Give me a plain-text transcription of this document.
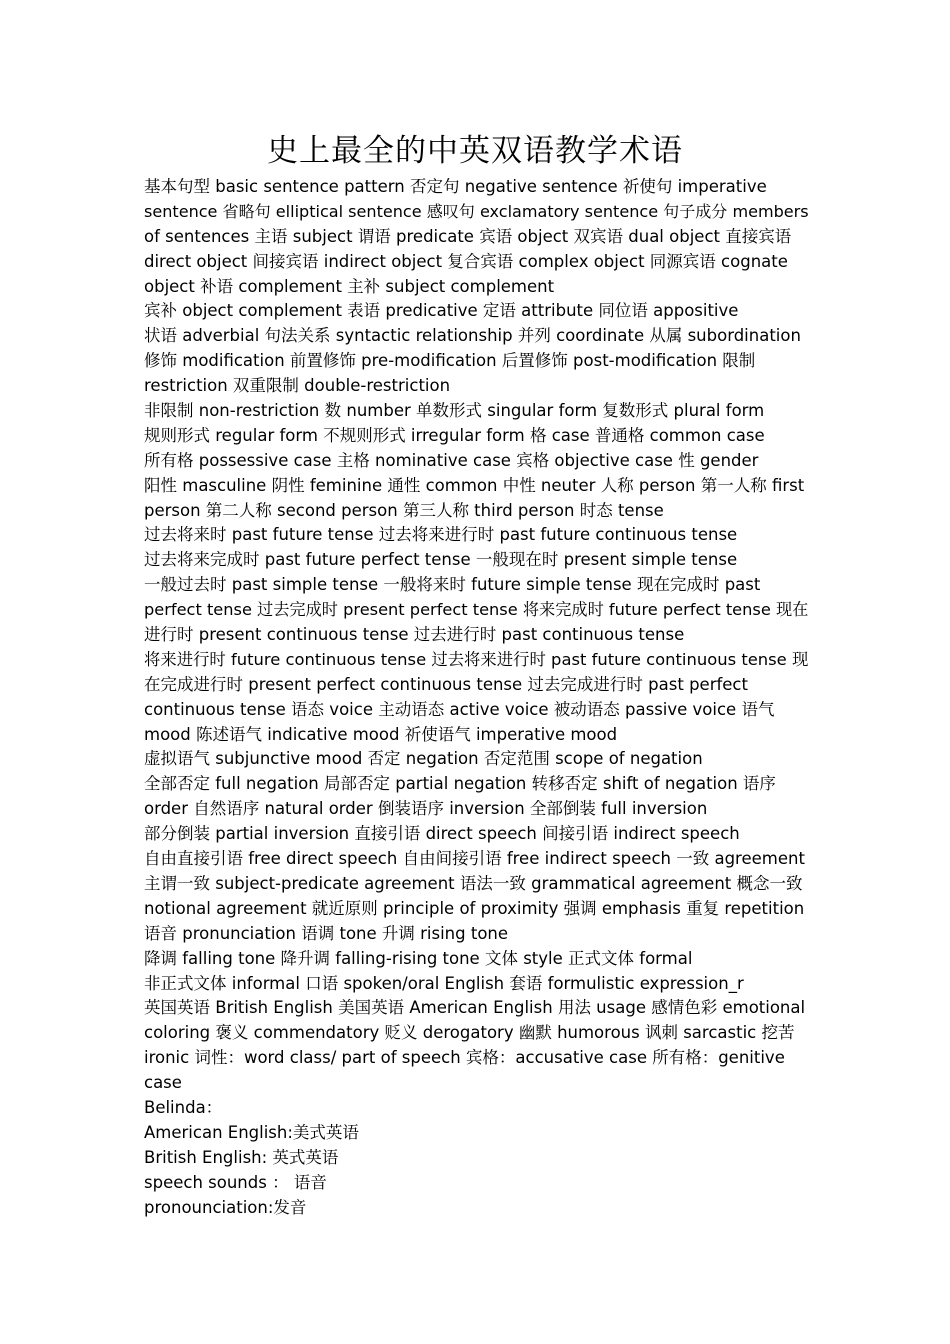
史上最全的中英双语教学术语
基本句型 basic sentence pattern 否定句 negative sentence 祈使句 imperative
sentence 省略句 elliptical sentence 感叹句 exclamatory sentence 句子成分 members
of sentences 主语 subject 谓语 predicate 宾语 object 双宾语 dual object 直接宾语
direct object 间接宾语 indirect object 复合宾语 complex object 同源宾语 cognate
object 补语 complement 主补 subject complement
宾补 object complement 表语 predicative 定语 attribute 同位语 appositive
状语 adverbial 句法关系 syntactic relationship 并列 coordinate 从属 subordination
修饰 modification 前置修饰 pre-modification 后置修饰 post-modification 限制
restriction 双重限制 double-restriction
非限制 non-restriction 数 number 单数形式 singular form 复数形式 plural form
规则形式 regular form 不规则形式 irregular form 格 case 普通格 common case
所有格 possessive case 主格 nominative case 宾格 objective case 性 gender
阳性 masculine 阴性 feminine 通性 common 中性 neuter 人称 person 第一人称 first
person 第二人称 second person 第三人称 third person 时态 tense
过去将来时 past future tense 过去将来进行时 past future continuous tense
过去将来完成时 past future perfect tense 一般现在时 present simple tense
一般过去时 past simple tense 一般将来时 future simple tense 现在完成时 past
perfect tense 过去完成时 present perfect tense 将来完成时 future perfect tense 现在
进行时 present continuous tense 过去进行时 past continuous tense
将来进行时 future continuous tense 过去将来进行时 past future continuous tense 现
在完成进行时 present perfect continuous tense 过去完成进行时 past perfect
continuous tense 语态 voice 主动语态 active voice 被动语态 passive voice 语气
mood 陈述语气 indicative mood 祈使语气 imperative mood
虚拟语气 subjunctive mood 否定 negation 否定范围 scope of negation
全部否定 full negation 局部否定 partial negation 转移否定 shift of negation 语序
order 自然语序 natural order 倒装语序 inversion 全部倒装 full inversion
部分倒装 partial inversion 直接引语 direct speech 间接引语 indirect speech
自由直接引语 free direct speech 自由间接引语 free indirect speech 一致 agreement
主谓一致 subject-predicate agreement 语法一致 grammatical agreement 概念一致
notional agreement 就近原则 principle of proximity 强调 emphasis 重复 repetition
语音 pronunciation 语调 tone 升调 rising tone
降调 falling tone 降升调 falling-rising tone 文体 style 正式文体 formal
非正式文体 informal 口语 spoken/oral English 套语 formulistic expression_r
英国英语 British English 美国英语 American English 用法 usage 感情色彩 emotional
coloring 褒义 commendatory 贬义 derogatory 幽默 humorous 讽刺 sarcastic 挖苦
ironic 词性：word class/ part of speech 宾格：accusative case 所有格：genitive
case
Belinda：
American English:美式英语
British English: 英式英语
speech sounds ： 语音
pronounciation:发音
